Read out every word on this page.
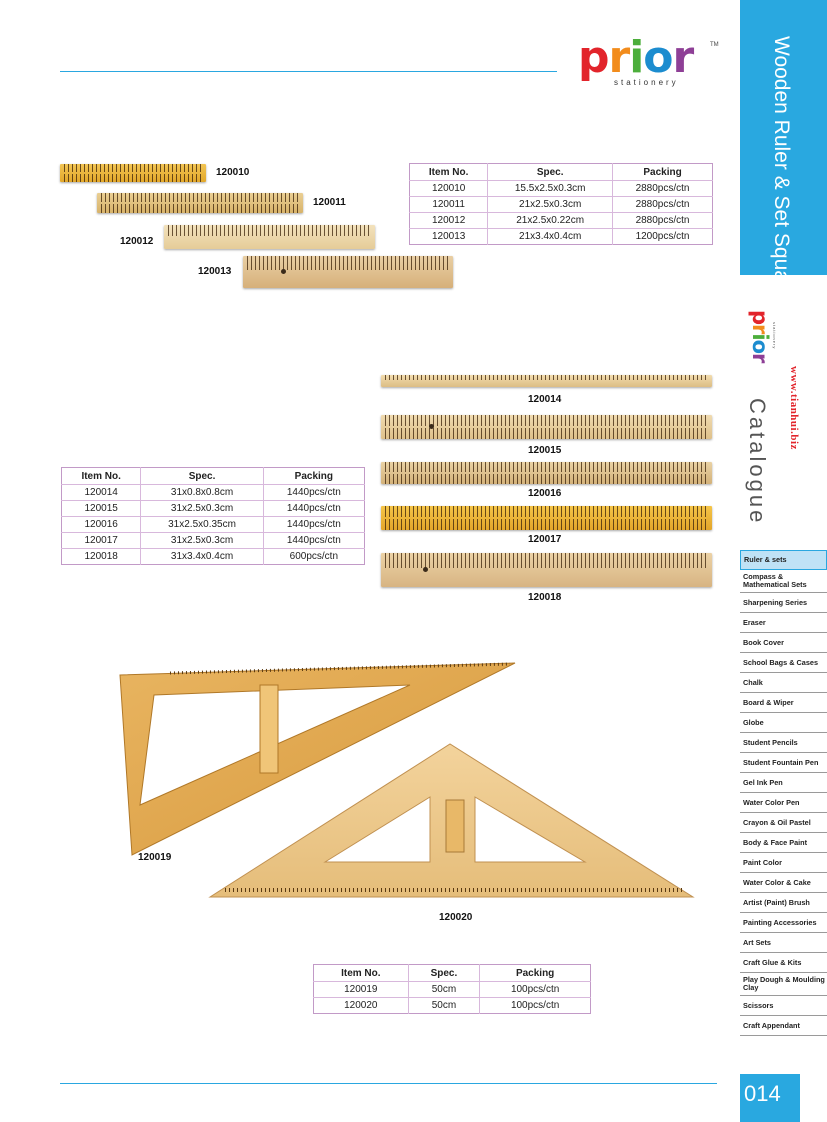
prior	TM
stationery	Wooden Ruler & Set Square
prior
stationery
www.tianhui.biz
Catalogue
Ruler & sets
Compass & Mathematical Sets
Sharpening Series
Eraser
Book Cover
School Bags & Cases
Chalk
Board & Wiper
Globe
Student Pencils
Student Fountain Pen
Gel Ink Pen
Water Color Pen
Crayon & Oil Pastel
Body & Face Paint
Paint Color
Water Color & Cake
Artist (Paint) Brush
Painting Accessories
Art Sets
Craft Glue & Kits
Play Dough & Moulding Clay
Scissors
Craft Appendant
014
120010
120011
120012
120013
Item No.	Spec.	Packing
120010	15.5x2.5x0.3cm	2880pcs/ctn
120011	21x2.5x0.3cm	2880pcs/ctn
120012	21x2.5x0.22cm	2880pcs/ctn
120013	21x3.4x0.4cm	1200pcs/ctn
120014
120015
120016
120017
120018
Item No.	Spec.	Packing
120014	31x0.8x0.8cm	1440pcs/ctn
120015	31x2.5x0.3cm	1440pcs/ctn
120016	31x2.5x0.35cm	1440pcs/ctn
120017	31x2.5x0.3cm	1440pcs/ctn
120018	31x3.4x0.4cm	600pcs/ctn
120019
120020
Item No.	Spec.	Packing
120019	50cm	100pcs/ctn
120020	50cm	100pcs/ctn
